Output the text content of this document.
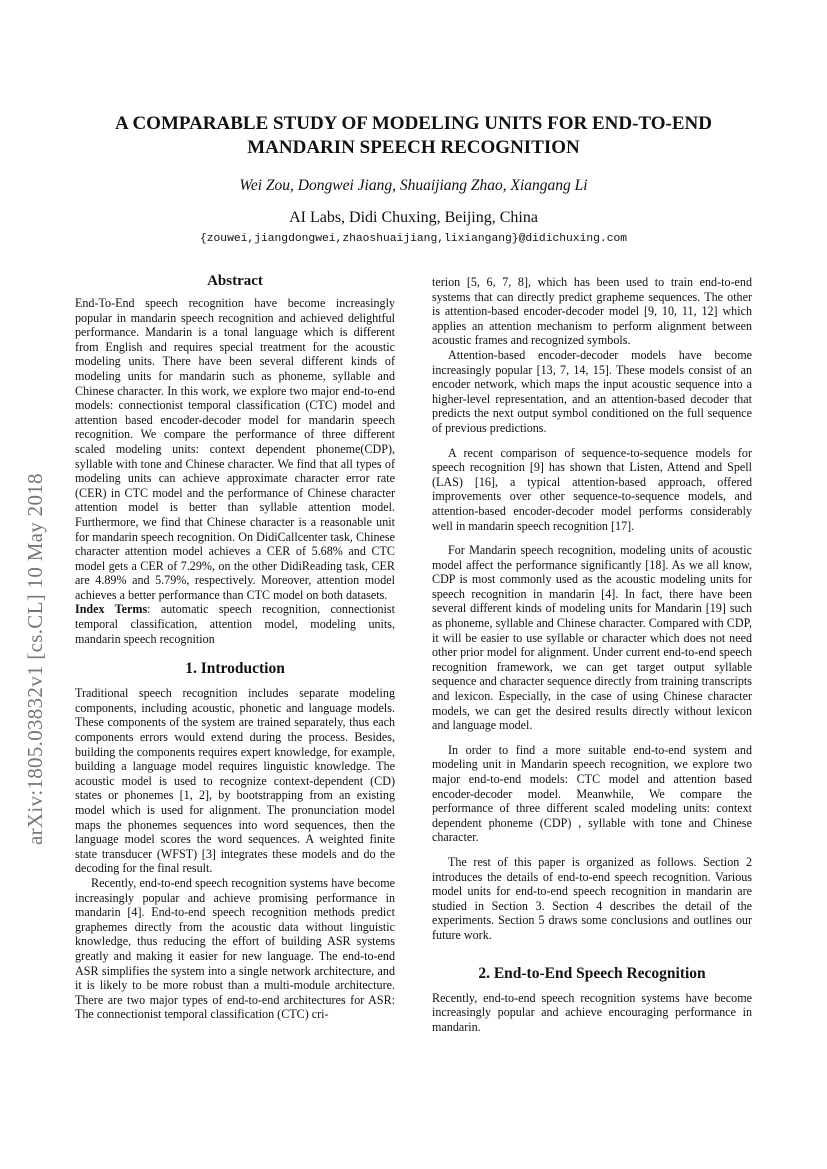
arXiv:1805.03832v1 [cs.CL] 10 May 2018
A COMPARABLE STUDY OF MODELING UNITS FOR END-TO-END
MANDARIN SPEECH RECOGNITION
Wei Zou, Dongwei Jiang, Shuaijiang Zhao, Xiangang Li
AI Labs, Didi Chuxing, Beijing, China
{zouwei,jiangdongwei,zhaoshuaijiang,lixiangang}@didichuxing.com
Abstract

End-To-End speech recognition have become increasingly popular in mandarin speech recognition and achieved delightful performance. Mandarin is a tonal language which is different from English and requires special treatment for the acoustic modeling units. There have been several different kinds of modeling units for mandarin such as phoneme, syllable and Chinese character. In this work, we explore two major end-to-end models: connectionist temporal classification (CTC) model and attention based encoder-decoder model for mandarin speech recognition. We compare the performance of three different scaled modeling units: context dependent phoneme(CDP), syllable with tone and Chinese character. We find that all types of modeling units can achieve approximate character error rate (CER) in CTC model and the performance of Chinese character attention model is better than syllable attention model. Furthermore, we find that Chinese character is a reasonable unit for mandarin speech recognition. On DidiCallcenter task, Chinese character attention model achieves a CER of 5.68% and CTC model gets a CER of 7.29%, on the other DidiReading task, CER are 4.89% and 5.79%, respectively. Moreover, attention model achieves a better performance than CTC model on both datasets.

Index Terms: automatic speech recognition, connectionist temporal classification, attention model, modeling units, mandarin speech recognition

1. Introduction

Traditional speech recognition includes separate modeling components, including acoustic, phonetic and language models. These components of the system are trained separately, thus each components errors would extend during the process. Besides, building the components requires expert knowledge, for example, building a language model requires linguistic knowledge. The acoustic model is used to recognize context-dependent (CD) states or phonemes [1, 2], by bootstrapping from an existing model which is used for alignment. The pronunciation model maps the phonemes sequences into word sequences, then the language model scores the word sequences. A weighted finite state transducer (WFST) [3] integrates these models and do the decoding for the final result.

Recently, end-to-end speech recognition systems have become increasingly popular and achieve promising performance in mandarin [4]. End-to-end speech recognition methods predict graphemes directly from the acoustic data without linguistic knowledge, thus reducing the effort of building ASR systems greatly and making it easier for new language. The end-to-end ASR simplifies the system into a single network architecture, and it is likely to be more robust than a multi-module architecture. There are two major types of end-to-end architectures for ASR: The connectionist temporal classification (CTC) cri-

terion [5, 6, 7, 8], which has been used to train end-to-end systems that can directly predict grapheme sequences. The other is attention-based encoder-decoder model [9, 10, 11, 12] which applies an attention mechanism to perform alignment between acoustic frames and recognized symbols.

Attention-based encoder-decoder models have become increasingly popular [13, 7, 14, 15]. These models consist of an encoder network, which maps the input acoustic sequence into a higher-level representation, and an attention-based decoder that predicts the next output symbol conditioned on the full sequence of previous predictions.

A recent comparison of sequence-to-sequence models for speech recognition [9] has shown that Listen, Attend and Spell (LAS) [16], a typical attention-based approach, offered improvements over other sequence-to-sequence models, and attention-based encoder-decoder model performs considerably well in mandarin speech recognition [17].

For Mandarin speech recognition, modeling units of acoustic model affect the performance significantly [18]. As we all know, CDP is most commonly used as the acoustic modeling units for speech recognition in mandarin [4]. In fact, there have been several different kinds of modeling units for Mandarin [19] such as phoneme, syllable and Chinese character. Compared with CDP, it will be easier to use syllable or character which does not need other prior model for alignment. Under current end-to-end speech recognition framework, we can get target output syllable sequence and character sequence directly from training transcripts and lexicon. Especially, in the case of using Chinese character models, we can get the desired results directly without lexicon and language model.

In order to find a more suitable end-to-end system and modeling unit in Mandarin speech recognition, we explore two major end-to-end models: CTC model and attention based encoder-decoder model. Meanwhile, We compare the performance of three different scaled modeling units: context dependent phoneme (CDP) , syllable with tone and Chinese character.

The rest of this paper is organized as follows. Section 2 introduces the details of end-to-end speech recognition. Various model units for end-to-end speech recognition in mandarin are studied in Section 3. Section 4 describes the detail of the experiments. Section 5 draws some conclusions and outlines our future work.

2. End-to-End Speech Recognition

Recently, end-to-end speech recognition systems have become increasingly popular and achieve encouraging performance in mandarin.
